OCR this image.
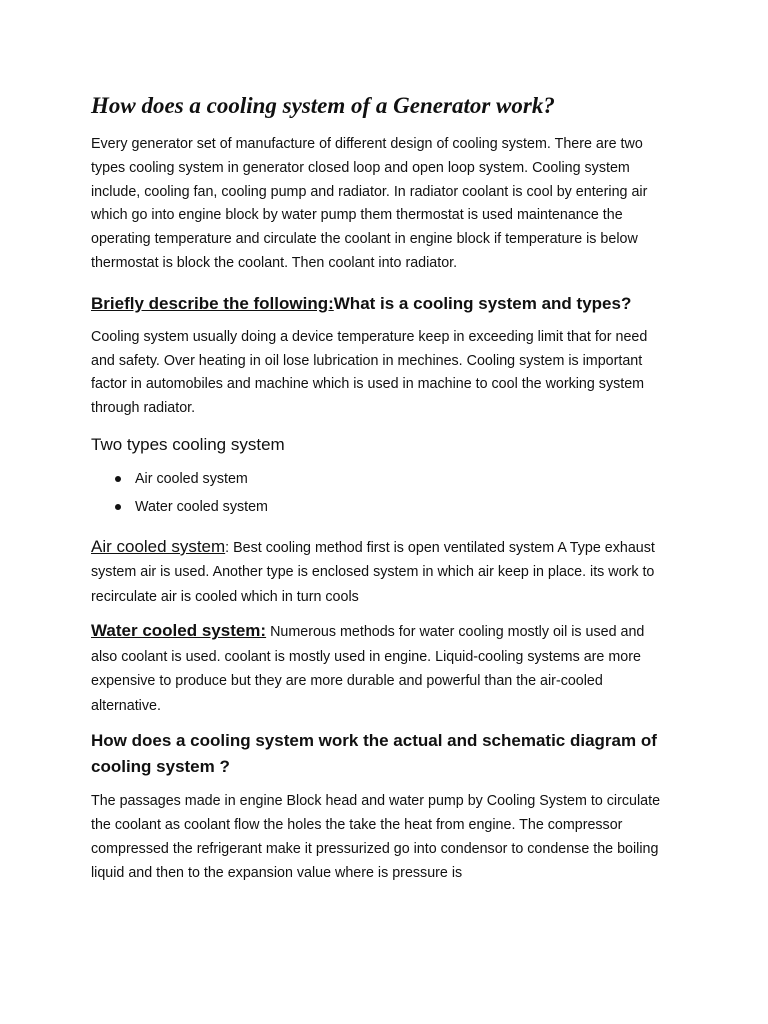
How does a cooling system of a Generator work?

Every generator set of manufacture of different design of cooling system. There are two types cooling system in generator closed loop and open loop system. Cooling system include, cooling fan, cooling pump and radiator. In radiator coolant is cool by entering air which go into engine block by water pump them thermostat is used maintenance the operating temperature and circulate the coolant in engine block if temperature is below thermostat is block the coolant. Then coolant into radiator.

Briefly describe the following:What is a cooling system and types?

Cooling system usually doing a device temperature keep in exceeding limit that for need and safety. Over heating in oil lose lubrication in mechines. Cooling system is important factor in automobiles and machine which is used in machine to cool the working system through radiator.

Two types cooling system
Air cooled system
Water cooled system

Air cooled system: Best cooling method first is open ventilated system A Type exhaust system air is used. Another type is enclosed system in which air keep in place. its work to recirculate air is cooled which in turn cools

Water cooled system: Numerous methods for water cooling mostly oil is used and also coolant is used. coolant is mostly used in engine. Liquid-cooling systems are more expensive to produce but they are more durable and powerful than the air-cooled alternative.

How does a cooling system work the actual and schematic diagram of cooling system ?

The passages made in engine Block head and water pump by Cooling System to circulate the coolant as coolant flow the holes the take the heat from engine. The compressor compressed the refrigerant make it pressurized go into condensor to condense the boiling liquid and then to the expansion value where is pressure is
